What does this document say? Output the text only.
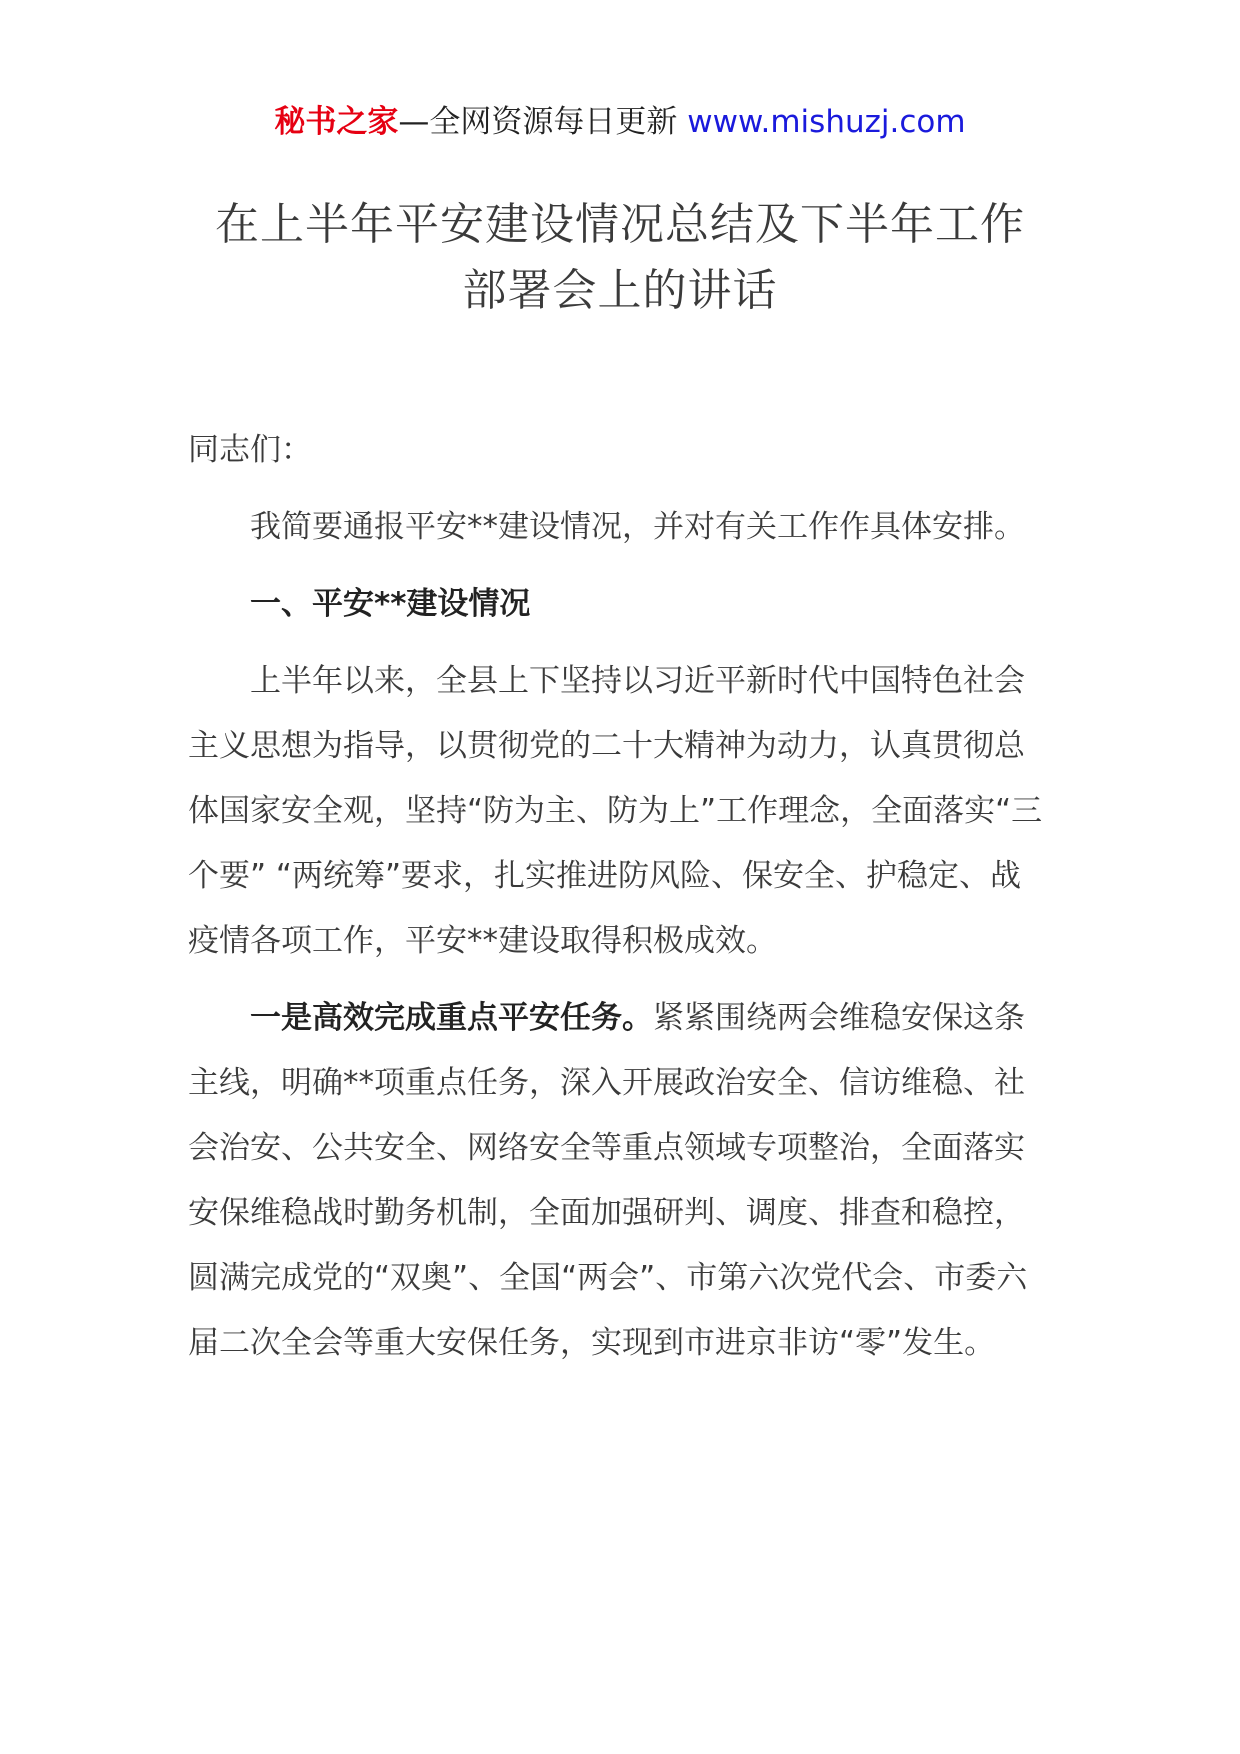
秘书之家—全网资源每日更新 www.mishuzj.com
在上半年平安建设情况总结及下半年工作
部署会上的讲话

同志们：

我简要通报平安**建设情况，并对有关工作作具体安排。

一、平安**建设情况

上半年以来，全县上下坚持以习近平新时代中国特色社会主义思想为指导，以贯彻党的二十大精神为动力，认真贯彻总体国家安全观，坚持“防为主、防为上”工作理念，全面落实“三个要” “两统筹”要求，扎实推进防风险、保安全、护稳定、战疫情各项工作，平安**建设取得积极成效。

一是高效完成重点平安任务。紧紧围绕两会维稳安保这条主线，明确**项重点任务，深入开展政治安全、信访维稳、社会治安、公共安全、网络安全等重点领域专项整治，全面落实安保维稳战时勤务机制，全面加强研判、调度、排查和稳控，圆满完成党的“双奥”、全国“两会”、市第六次党代会、市委六届二次全会等重大安保任务，实现到市进京非访“零”发生。
